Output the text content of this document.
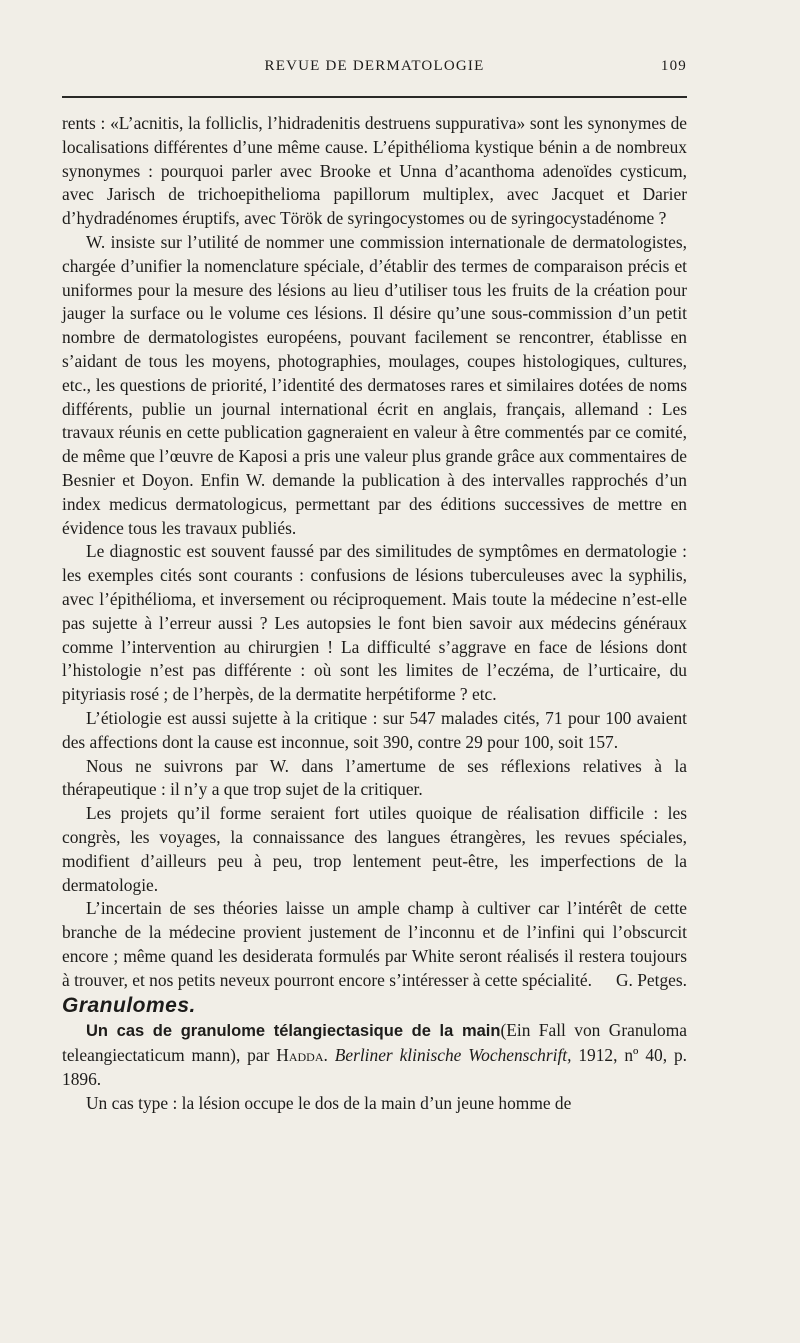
REVUE DE DERMATOLOGIE	109

rents : «L’acnitis, la folliclis, l’hidradenitis destruens suppurativa» sont les synonymes de localisations différentes d’une même cause. L’épithélioma kystique bénin a de nombreux synonymes : pourquoi parler avec Brooke et Unna d’acanthoma adenoïdes cysticum, avec Jarisch de trichoepithelioma papillorum multiplex, avec Jacquet et Darier d’hydradénomes éruptifs, avec Török de syringocystomes ou de syringocystadénome ?

W. insiste sur l’utilité de nommer une commission internationale de dermatologistes, chargée d’unifier la nomenclature spéciale, d’établir des termes de comparaison précis et uniformes pour la mesure des lésions au lieu d’utiliser tous les fruits de la création pour jauger la surface ou le volume ces lésions. Il désire qu’une sous-commission d’un petit nombre de dermatologistes européens, pouvant facilement se rencontrer, établisse en s’aidant de tous les moyens, photographies, moulages, coupes histologiques, cultures, etc., les questions de priorité, l’identité des dermatoses rares et similaires dotées de noms différents, publie un journal international écrit en anglais, français, allemand : Les travaux réunis en cette publication gagneraient en valeur à être commentés par ce comité, de même que l’œuvre de Kaposi a pris une valeur plus grande grâce aux commentaires de Besnier et Doyon. Enfin W. demande la publication à des intervalles rapprochés d’un index medicus dermatologicus, permettant par des éditions successives de mettre en évidence tous les travaux publiés.

Le diagnostic est souvent faussé par des similitudes de symptômes en dermatologie : les exemples cités sont courants : confusions de lésions tuberculeuses avec la syphilis, avec l’épithélioma, et inversement ou réciproquement. Mais toute la médecine n’est-elle pas sujette à l’erreur aussi ? Les autopsies le font bien savoir aux médecins généraux comme l’intervention au chirurgien ! La difficulté s’aggrave en face de lésions dont l’histologie n’est pas différente : où sont les limites de l’eczéma, de l’urticaire, du pityriasis rosé ; de l’herpès, de la dermatite herpétiforme ? etc.

L’étiologie est aussi sujette à la critique : sur 547 malades cités, 71 pour 100 avaient des affections dont la cause est inconnue, soit 390, contre 29 pour 100, soit 157.

Nous ne suivrons par W. dans l’amertume de ses réflexions relatives à la thérapeutique : il n’y a que trop sujet de la critiquer.

Les projets qu’il forme seraient fort utiles quoique de réalisation difficile : les congrès, les voyages, la connaissance des langues étrangères, les revues spéciales, modifient d’ailleurs peu à peu, trop lentement peut-être, les imperfections de la dermatologie.

L’incertain de ses théories laisse un ample champ à cultiver car l’intérêt de cette branche de la médecine provient justement de l’inconnu et de l’infini qui l’obscurcit encore ; même quand les desiderata formulés par White seront réalisés il restera toujours à trouver, et nos petits neveux pourront encore s’intéresser à cette spécialité.	G. Petges.

Granulomes.

Un cas de granulome télangiectasique de la main(Ein Fall von Granuloma teleangiectaticum mann), par Hadda. Berliner klinische Wochenschrift, 1912, nº 40, p. 1896.

Un cas type : la lésion occupe le dos de la main d’un jeune homme de
